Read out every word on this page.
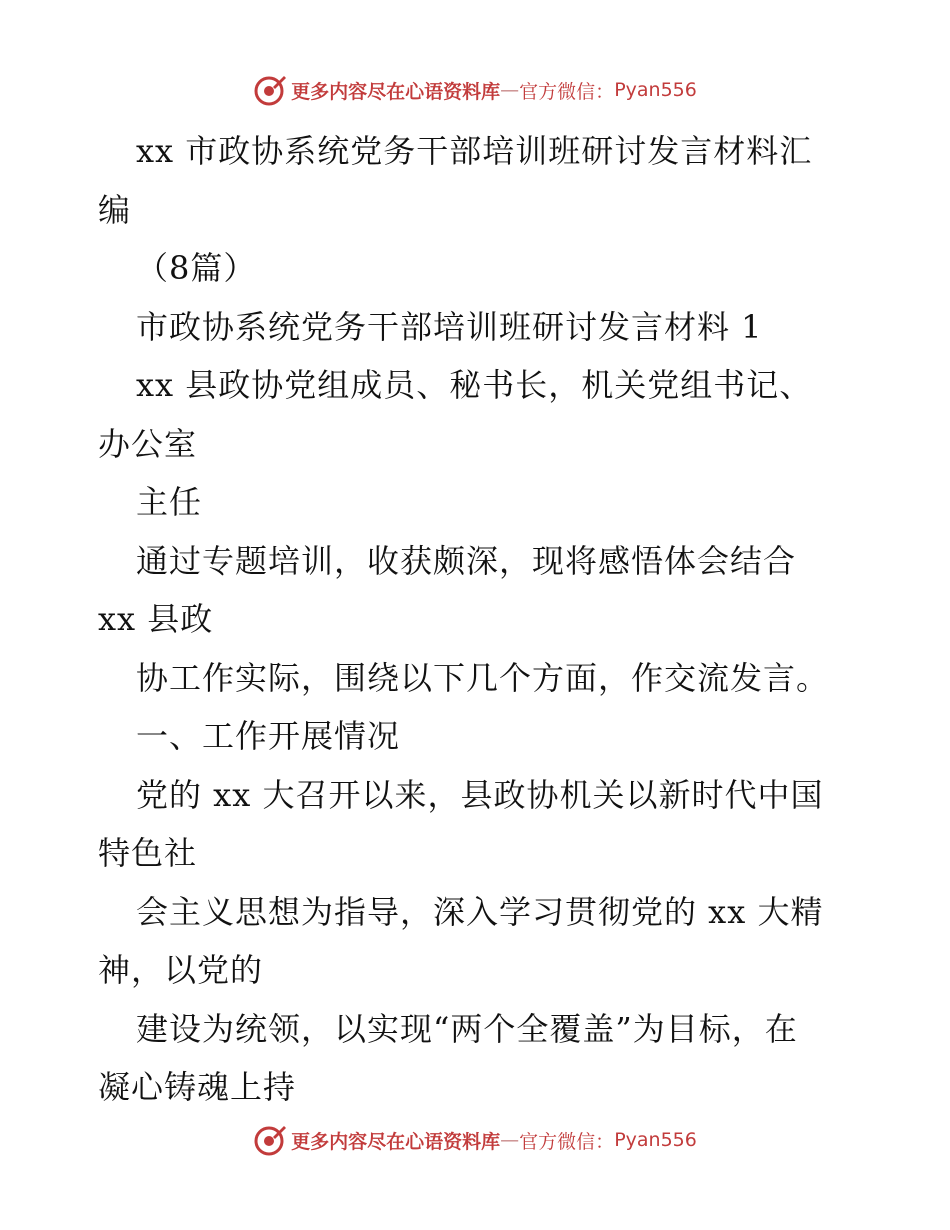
更多内容尽在心语资料库 — 官方微信： Pyan556
xx 市政协系统党务干部培训班研讨发言材料汇
编
（8篇）
市政协系统党务干部培训班研讨发言材料 1
xx 县政协党组成员、秘书长，机关党组书记、
办公室
主任
通过专题培训，收获颇深，现将感悟体会结合
xx 县政
协工作实际，围绕以下几个方面，作交流发言。
一、工作开展情况
党的 xx 大召开以来，县政协机关以新时代中国
特色社
会主义思想为指导，深入学习贯彻党的 xx 大精
神，以党的
建设为统领，以实现“两个全覆盖”为目标，在
凝心铸魂上持
更多内容尽在心语资料库 — 官方微信： Pyan556
